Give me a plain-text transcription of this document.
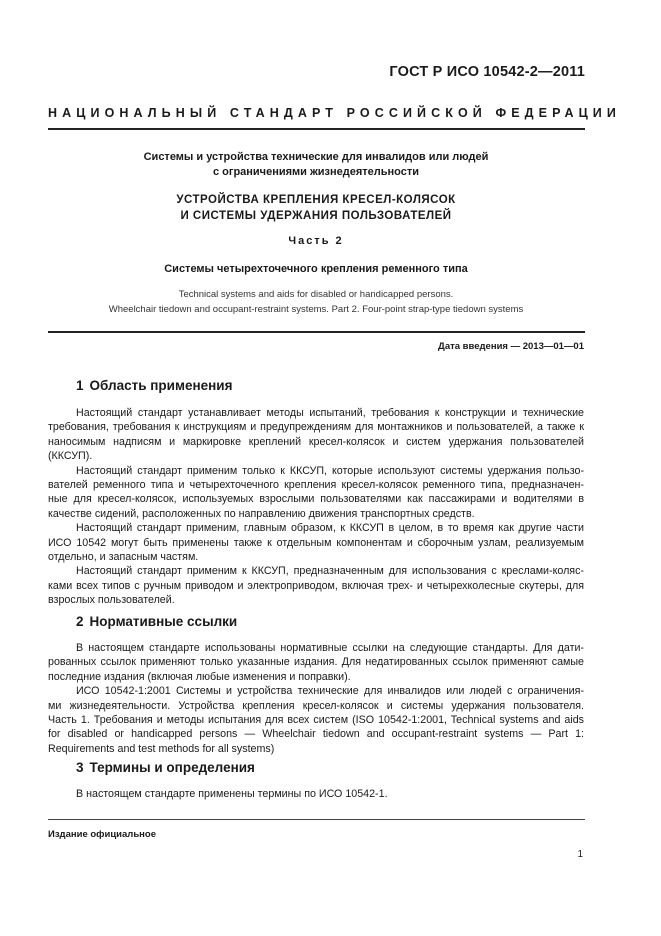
ГОСТ Р ИСО 10542-2—2011
НАЦИОНАЛЬНЫЙ СТАНДАРТ РОССИЙСКОЙ ФЕДЕРАЦИИ
Системы и устройства технические для инвалидов или людей
с ограничениями жизнедеятельности
УСТРОЙСТВА КРЕПЛЕНИЯ КРЕСЕЛ-КОЛЯСОК
И СИСТЕМЫ УДЕРЖАНИЯ ПОЛЬЗОВАТЕЛЕЙ
Часть 2
Системы четырехточечного крепления ременного типа
Technical systems and aids for disabled or handicapped persons.
Wheelchair tiedown and occupant-restraint systems. Part 2. Four-point strap-type tiedown systems
Дата введения — 2013—01—01
1 Область применения

Настоящий стандарт устанавливает методы испытаний, требования к конструкции и технические
требования, требования к инструкциям и предупреждениям для монтажников и пользователей, а также к
наносимым надписям и маркировке креплений кресел-колясок и систем удержания пользователей
(ККСУП).

Настоящий стандарт применим только к ККСУП, которые используют системы удержания пользо-
вателей ременного типа и четырехточечного крепления кресел-колясок ременного типа, предназначен-
ные для кресел-колясок, используемых взрослыми пользователями как пассажирами и водителями в
качестве сидений, расположенных по направлению движения транспортных средств.

Настоящий стандарт применим, главным образом, к ККСУП в целом, в то время как другие части
ИСО 10542 могут быть применены также к отдельным компонентам и сборочным узлам, реализуемым
отдельно, и запасным частям.

Настоящий стандарт применим к ККСУП, предназначенным для использования с креслами-коляс-
ками всех типов с ручным приводом и электроприводом, включая трех- и четырехколесные скутеры, для
взрослых пользователей.

2 Нормативные ссылки

В настоящем стандарте использованы нормативные ссылки на следующие стандарты. Для дати-
рованных ссылок применяют только указанные издания. Для недатированных ссылок применяют самые
последние издания (включая любые изменения и поправки).

ИСО 10542-1:2001 Системы и устройства технические для инвалидов или людей с ограничения-
ми жизнедеятельности. Устройства крепления кресел-колясок и системы удержания пользователя.
Часть 1. Требования и методы испытания для всех систем (ISO 10542-1:2001, Technical systems and aids
for disabled or handicapped persons — Wheelchair tiedown and occupant-restraint systems — Part 1:
Requirements and test methods for all systems)

3 Термины и определения

В настоящем стандарте применены термины по ИСО 10542-1.

Издание официальное
1
